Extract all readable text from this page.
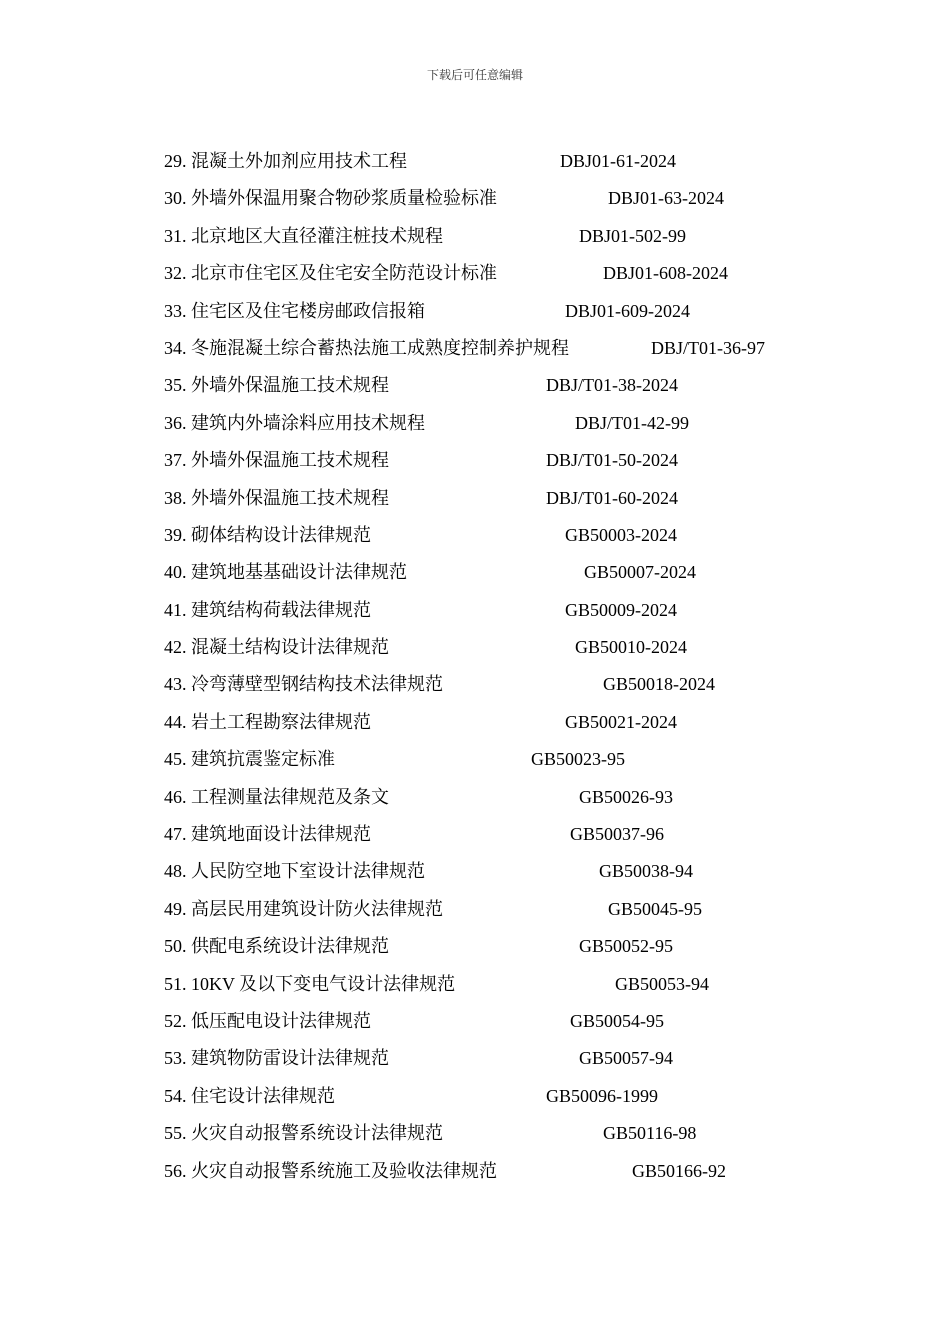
下载后可任意编辑
29. 混凝土外加剂应用技术工程	DBJ01-61-2024
30. 外墙外保温用聚合物砂浆质量检验标准	DBJ01-63-2024
31. 北京地区大直径灌注桩技术规程	DBJ01-502-99
32. 北京市住宅区及住宅安全防范设计标准	DBJ01-608-2024
33. 住宅区及住宅楼房邮政信报箱	DBJ01-609-2024
34. 冬施混凝土综合蓄热法施工成熟度控制养护规程	DBJ/T01-36-97
35. 外墙外保温施工技术规程	DBJ/T01-38-2024
36. 建筑内外墙涂料应用技术规程	DBJ/T01-42-99
37. 外墙外保温施工技术规程	DBJ/T01-50-2024
38. 外墙外保温施工技术规程	DBJ/T01-60-2024
39. 砌体结构设计法律规范	GB50003-2024
40. 建筑地基基础设计法律规范	GB50007-2024
41. 建筑结构荷载法律规范	GB50009-2024
42. 混凝土结构设计法律规范	GB50010-2024
43. 冷弯薄壁型钢结构技术法律规范	GB50018-2024
44. 岩土工程勘察法律规范	GB50021-2024
45. 建筑抗震鉴定标准	GB50023-95
46. 工程测量法律规范及条文	GB50026-93
47. 建筑地面设计法律规范	GB50037-96
48. 人民防空地下室设计法律规范	GB50038-94
49. 高层民用建筑设计防火法律规范	GB50045-95
50. 供配电系统设计法律规范	GB50052-95
51. 10KV 及以下变电气设计法律规范	GB50053-94
52. 低压配电设计法律规范	GB50054-95
53. 建筑物防雷设计法律规范	GB50057-94
54. 住宅设计法律规范	GB50096-1999
55. 火灾自动报警系统设计法律规范	GB50116-98
56. 火灾自动报警系统施工及验收法律规范	GB50166-92
